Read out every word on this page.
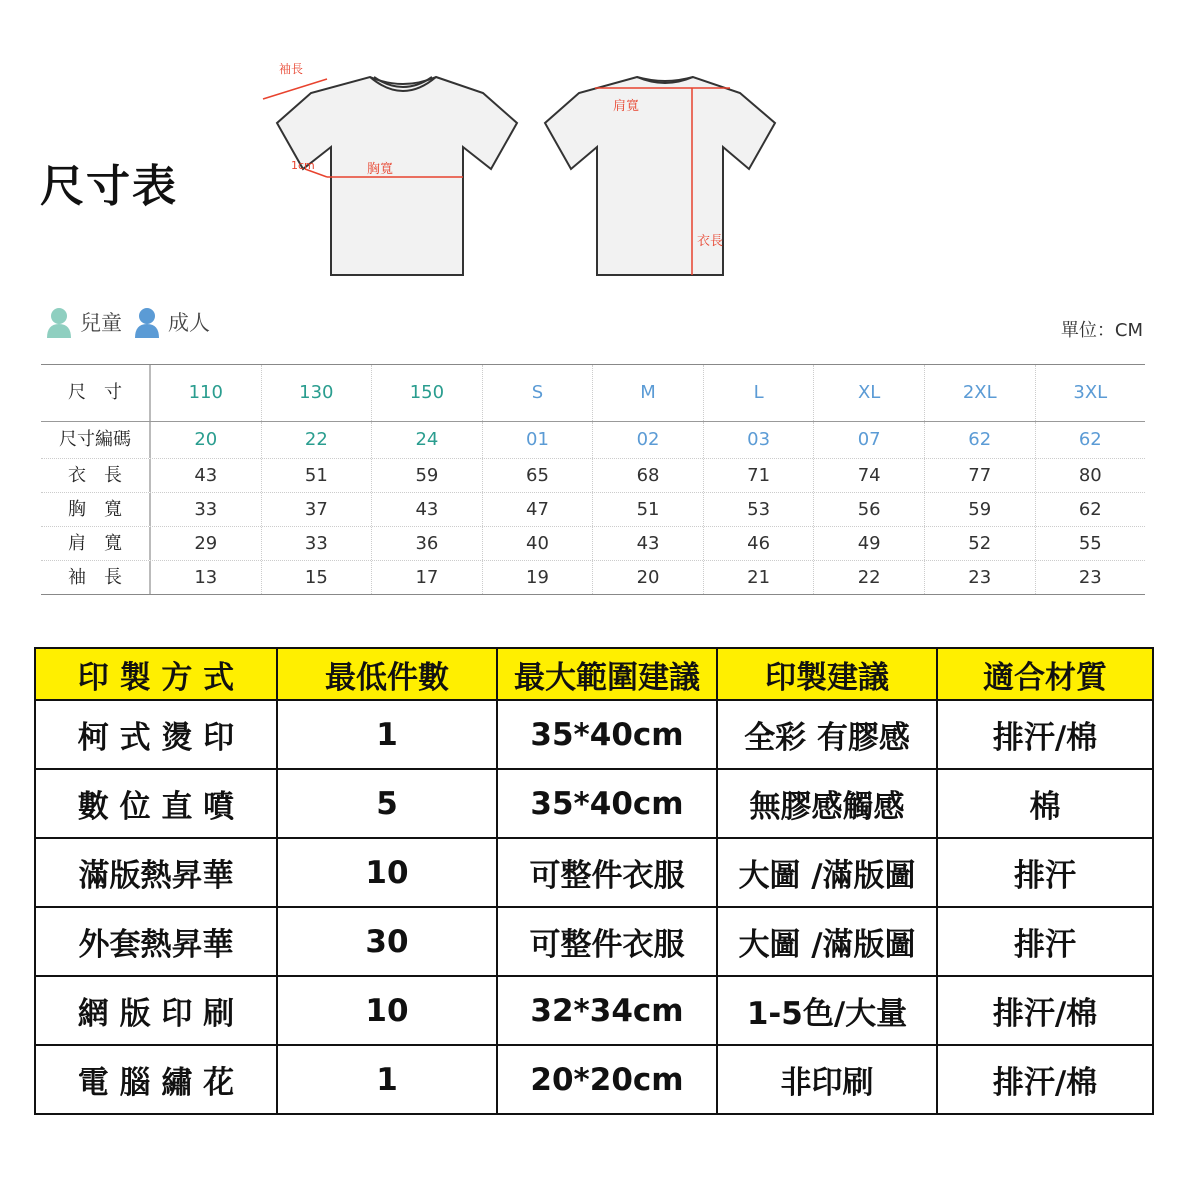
尺寸表
袖長
胸寬
1cm
肩寬
衣長
兒童 成人	單位：CM
尺　寸	110	130	150	S	M	L	XL	2XL	3XL
尺寸編碼	20	22	24	01	02	03	07	62	62
衣　長	43	51	59	65	68	71	74	77	80
胸　寬	33	37	43	47	51	53	56	59	62
肩　寬	29	33	36	40	43	46	49	52	55
袖　長	13	15	17	19	20	21	22	23	23
印 製 方 式	最低件數	最大範圍建議	印製建議	適合材質
柯 式 燙 印	1	35*40cm	全彩 有膠感	排汗/棉
數 位 直 噴	5	35*40cm	無膠感觸感	棉
滿版熱昇華	10	可整件衣服	大圖 /滿版圖	排汗
外套熱昇華	30	可整件衣服	大圖 /滿版圖	排汗
網 版 印 刷	10	32*34cm	1-5色/大量	排汗/棉
電 腦 繡 花	1	20*20cm	非印刷	排汗/棉
